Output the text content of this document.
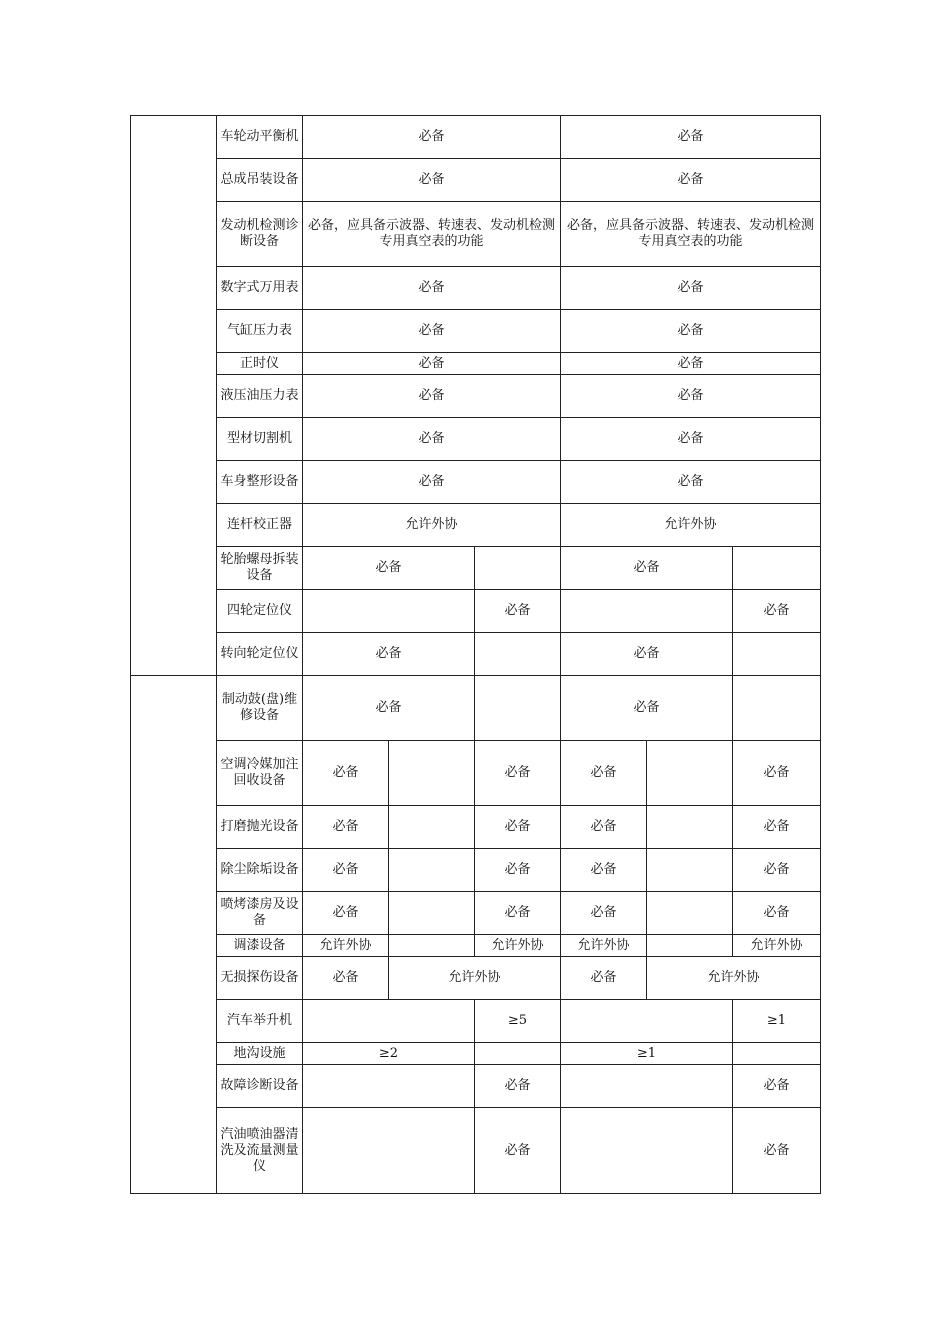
	车轮动平衡机	必备			必备		
	总成吊装设备	必备			必备		
	发动机检测诊断设备	必备，应具备示波器、转速表、发动机检测专用真空表的功能			必备，应具备示波器、转速表、发动机检测专用真空表的功能		
	数字式万用表	必备			必备		
	气缸压力表	必备			必备		
	正时仪	必备			必备		
	液压油压力表	必备			必备		
	型材切割机	必备			必备		
	车身整形设备	必备			必备		
	连杆校正器	允许外协			允许外协		
	轮胎螺母拆装设备	必备			必备		
	四轮定位仪			必备			必备
	转向轮定位仪	必备			必备		
	制动鼓(盘)维修设备	必备			必备		
	空调冷媒加注回收设备	必备		必备	必备		必备
	打磨抛光设备	必备		必备	必备		必备
	除尘除垢设备	必备		必备	必备		必备
	喷烤漆房及设备	必备		必备	必备		必备
	调漆设备	允许外协		允许外协	允许外协		允许外协
	无损探伤设备	必备	允许外协		必备	允许外协	
	汽车举升机			≥5			≥1
	地沟设施	≥2			≥1		
	故障诊断设备			必备			必备
	汽油喷油器清洗及流量测量仪			必备			必备
